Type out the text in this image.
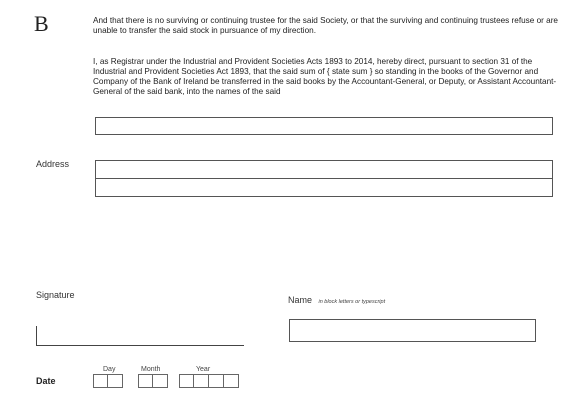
B	And that there is no surviving or continuing trustee for the said Society, or that the surviving and continuing trustees refuse or are unable to transfer the said stock in pursuance of my direction.

I, as Registrar under the Industrial and Provident Societies Acts 1893 to 2014, hereby direct, pursuant to section 31 of the Industrial and Provident Societies Act 1893, that the said sum of { state sum } so standing in the books of the Governor and Company of the Bank of Ireland be transferred in the said books by the Accountant-General, or Deputy, or Assistant Accountant-General of the said bank, into the names of the said

Address
Signature	Name in block letters or typescript
Day	Month	Year
Date
